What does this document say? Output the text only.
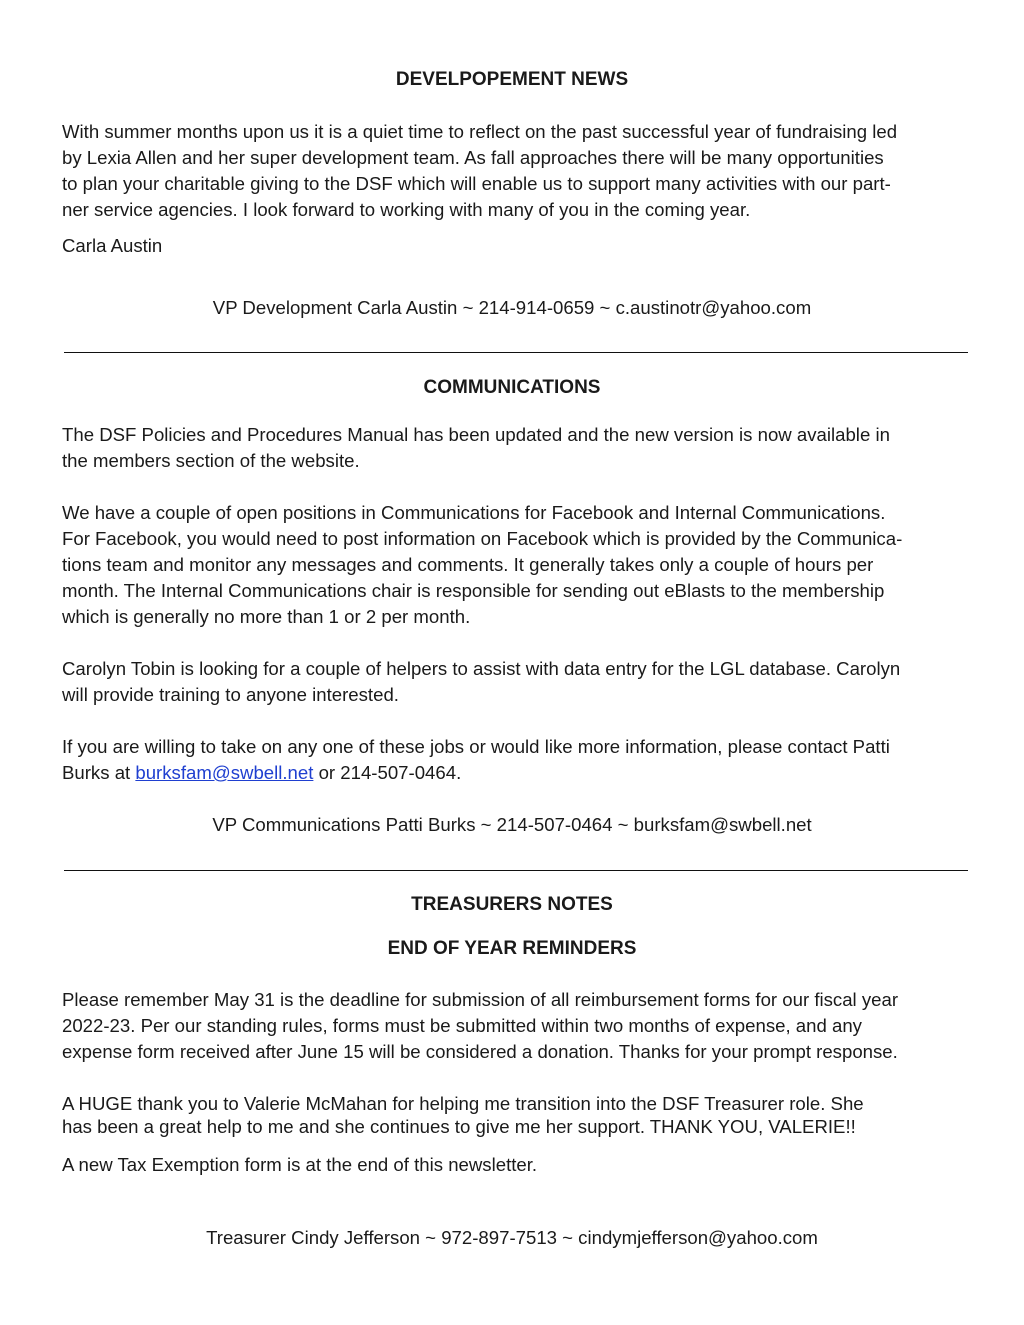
DEVELPOPEMENT NEWS
With summer months upon us it is a quiet time to reflect on the past successful year of fundraising led
by Lexia Allen and her super development team. As fall approaches there will be many opportunities
to plan your charitable giving to the DSF which will enable us to support many activities with our part-
ner service agencies. I look forward to working with many of you in the coming year.

Carla Austin

VP Development Carla Austin ~ 214-914-0659 ~ c.austinotr@yahoo.com

COMMUNICATIONS
The DSF Policies and Procedures Manual has been updated and the new version is now available in
the members section of the website.
We have a couple of open positions in Communications for Facebook and Internal Communications.
For Facebook, you would need to post information on Facebook which is provided by the Communica-
tions team and monitor any messages and comments. It generally takes only a couple of hours per
month. The Internal Communications chair is responsible for sending out eBlasts to the membership
which is generally no more than 1 or 2 per month.
Carolyn Tobin is looking for a couple of helpers to assist with data entry for the LGL database. Carolyn
will provide training to anyone interested.
If you are willing to take on any one of these jobs or would like more information, please contact Patti
Burks at burksfam@swbell.net or 214-507-0464.

VP Communications Patti Burks ~ 214-507-0464 ~ burksfam@swbell.net

TREASURERS NOTES
END OF YEAR REMINDERS
Please remember May 31 is the deadline for submission of all reimbursement forms for our fiscal year
2022-23. Per our standing rules, forms must be submitted within two months of expense, and any
expense form received after June 15 will be considered a donation. Thanks for your prompt response.
A HUGE thank you to Valerie McMahan for helping me transition into the DSF Treasurer role. She
has been a great help to me and she continues to give me her support. THANK YOU, VALERIE!!

A new Tax Exemption form is at the end of this newsletter.

Treasurer Cindy Jefferson ~ 972-897-7513 ~ cindymjefferson@yahoo.com
